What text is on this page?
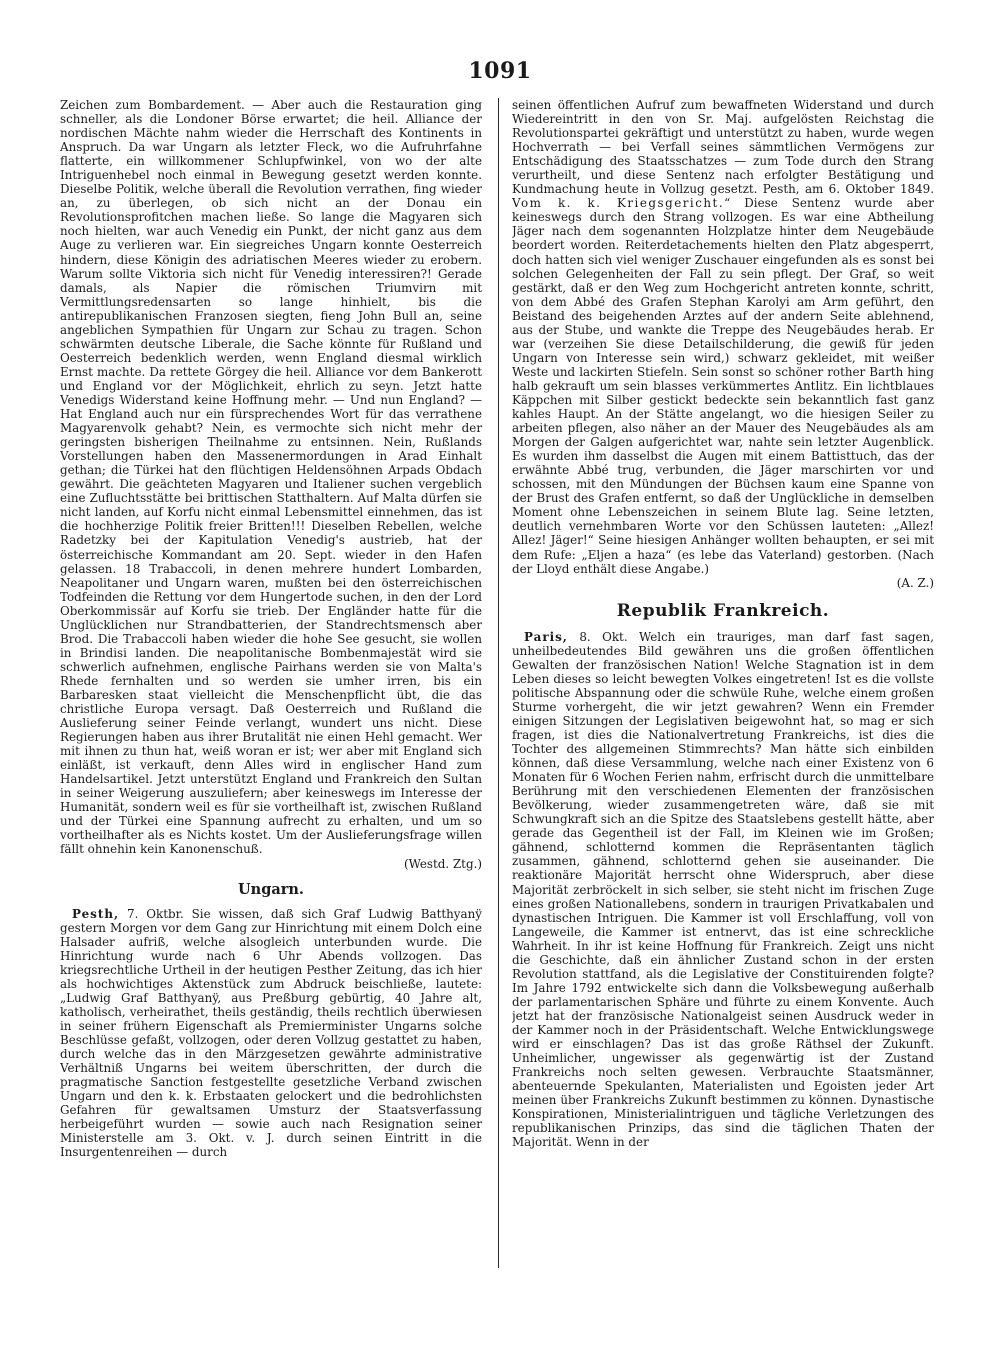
1091

Zeichen zum Bombardement. — Aber auch die Restauration ging schneller, als die Londoner Börse erwartet; die heil. Alliance der nordischen Mächte nahm wieder die Herrschaft des Kontinents in Anspruch. Da war Ungarn als letzter Fleck, wo die Aufruhrfahne flatterte, ein willkommener Schlupfwinkel, von wo der alte Intriguenhebel noch einmal in Bewegung gesetzt werden konnte. Dieselbe Politik, welche überall die Revolution verrathen, fing wieder an, zu überlegen, ob sich nicht an der Donau ein Revolutionsprofitchen machen ließe. So lange die Magyaren sich noch hielten, war auch Venedig ein Punkt, der nicht ganz aus dem Auge zu verlieren war. Ein siegreiches Ungarn konnte Oesterreich hindern, diese Königin des adriatischen Meeres wieder zu erobern. Warum sollte Viktoria sich nicht für Venedig interessiren?! Gerade damals, als Napier die römischen Triumvirn mit Vermittlungsredensarten so lange hinhielt, bis die antirepublikanischen Franzosen siegten, fieng John Bull an, seine angeblichen Sympathien für Ungarn zur Schau zu tragen. Schon schwärmten deutsche Liberale, die Sache könnte für Rußland und Oesterreich bedenklich werden, wenn England diesmal wirklich Ernst machte. Da rettete Görgey die heil. Alliance vor dem Bankerott und England vor der Möglichkeit, ehrlich zu seyn. Jetzt hatte Venedigs Widerstand keine Hoffnung mehr. — Und nun England? — Hat England auch nur ein fürsprechendes Wort für das verrathene Magyarenvolk gehabt? Nein, es vermochte sich nicht mehr der geringsten bisherigen Theilnahme zu entsinnen. Nein, Rußlands Vorstellungen haben den Massenermordungen in Arad Einhalt gethan; die Türkei hat den flüchtigen Heldensöhnen Arpads Obdach gewährt. Die geächteten Magyaren und Italiener suchen vergeblich eine Zufluchtsstätte bei brittischen Statthaltern. Auf Malta dürfen sie nicht landen, auf Korfu nicht einmal Lebensmittel einnehmen, das ist die hochherzige Politik freier Britten!!! Dieselben Rebellen, welche Radetzky bei der Kapitulation Venedig's austrieb, hat der österreichische Kommandant am 20. Sept. wieder in den Hafen gelassen. 18 Trabaccoli, in denen mehrere hundert Lombarden, Neapolitaner und Ungarn waren, mußten bei den österreichischen Todfeinden die Rettung vor dem Hungertode suchen, in den der Lord Oberkommissär auf Korfu sie trieb. Der Engländer hatte für die Unglücklichen nur Strandbatterien, der Standrechtsmensch aber Brod. Die Trabaccoli haben wieder die hohe See gesucht, sie wollen in Brindisi landen. Die neapolitanische Bombenmajestät wird sie schwerlich aufnehmen, englische Pairhans werden sie von Malta's Rhede fernhalten und so werden sie umher irren, bis ein Barbaresken staat vielleicht die Menschenpflicht übt, die das christliche Europa versagt. Daß Oesterreich und Rußland die Auslieferung seiner Feinde verlangt, wundert uns nicht. Diese Regierungen haben aus ihrer Brutalität nie einen Hehl gemacht. Wer mit ihnen zu thun hat, weiß woran er ist; wer aber mit England sich einläßt, ist verkauft, denn Alles wird in englischer Hand zum Handelsartikel. Jetzt unterstützt England und Frankreich den Sultan in seiner Weigerung auszuliefern; aber keineswegs im Interesse der Humanität, sondern weil es für sie vortheilhaft ist, zwischen Rußland und der Türkei eine Spannung aufrecht zu erhalten, und um so vortheilhafter als es Nichts kostet. Um der Auslieferungsfrage willen fällt ohnehin kein Kanonenschuß.
(Westd. Ztg.)

Ungarn.

Pesth, 7. Oktbr. Sie wissen, daß sich Graf Ludwig Batthyanÿ gestern Morgen vor dem Gang zur Hinrichtung mit einem Dolch eine Halsader aufriß, welche alsogleich unterbunden wurde. Die Hinrichtung wurde nach 6 Uhr Abends vollzogen. Das kriegsrechtliche Urtheil in der heutigen Pesther Zeitung, das ich hier als hochwichtiges Aktenstück zum Abdruck beischließe, lautete: „Ludwig Graf Batthyanÿ, aus Preßburg gebürtig, 40 Jahre alt, katholisch, verheirathet, theils geständig, theils rechtlich überwiesen in seiner frühern Eigenschaft als Premierminister Ungarns solche Beschlüsse gefaßt, vollzogen, oder deren Vollzug gestattet zu haben, durch welche das in den Märzgesetzen gewährte administrative Verhältniß Ungarns bei weitem überschritten, der durch die pragmatische Sanction festgestellte gesetzliche Verband zwischen Ungarn und den k. k. Erbstaaten gelockert und die bedrohlichsten Gefahren für gewaltsamen Umsturz der Staatsverfassung herbeigeführt wurden — sowie auch nach Resignation seiner Ministerstelle am 3. Okt. v. J. durch seinen Eintritt in die Insurgentenreihen — durch

seinen öffentlichen Aufruf zum bewaffneten Widerstand und durch Wiedereintritt in den von Sr. Maj. aufgelösten Reichstag die Revolutionspartei gekräftigt und unterstützt zu haben, wurde wegen Hochverrath — bei Verfall seines sämmtlichen Vermögens zur Entschädigung des Staatsschatzes — zum Tode durch den Strang verurtheilt, und diese Sentenz nach erfolgter Bestätigung und Kundmachung heute in Vollzug gesetzt. Pesth, am 6. Oktober 1849. Vom k. k. Kriegsgericht.“ Diese Sentenz wurde aber keineswegs durch den Strang vollzogen. Es war eine Abtheilung Jäger nach dem sogenannten Holzplatze hinter dem Neugebäude beordert worden. Reiterdetachements hielten den Platz abgesperrt, doch hatten sich viel weniger Zuschauer eingefunden als es sonst bei solchen Gelegenheiten der Fall zu sein pflegt. Der Graf, so weit gestärkt, daß er den Weg zum Hochgericht antreten konnte, schritt, von dem Abbé des Grafen Stephan Karolyi am Arm geführt, den Beistand des beigehenden Arztes auf der andern Seite ablehnend, aus der Stube, und wankte die Treppe des Neugebäudes herab. Er war (verzeihen Sie diese Detailschilderung, die gewiß für jeden Ungarn von Interesse sein wird,) schwarz gekleidet, mit weißer Weste und lackirten Stiefeln. Sein sonst so schöner rother Barth hing halb gekrauft um sein blasses verkümmertes Antlitz. Ein lichtblaues Käppchen mit Silber gestickt bedeckte sein bekanntlich fast ganz kahles Haupt. An der Stätte angelangt, wo die hiesigen Seiler zu arbeiten pflegen, also näher an der Mauer des Neugebäudes als am Morgen der Galgen aufgerichtet war, nahte sein letzter Augenblick. Es wurden ihm dasselbst die Augen mit einem Battisttuch, das der erwähnte Abbé trug, verbunden, die Jäger marschirten vor und schossen, mit den Mündungen der Büchsen kaum eine Spanne von der Brust des Grafen entfernt, so daß der Unglückliche in demselben Moment ohne Lebenszeichen in seinem Blute lag. Seine letzten, deutlich vernehmbaren Worte vor den Schüssen lauteten: „Allez! Allez! Jäger!“ Seine hiesigen Anhänger wollten behaupten, er sei mit dem Rufe: „Eljen a haza“ (es lebe das Vaterland) gestorben. (Nach der Lloyd enthält diese Angabe.)
(A. Z.)

Republik Frankreich.

Paris, 8. Okt. Welch ein trauriges, man darf fast sagen, unheilbedeutendes Bild gewähren uns die großen öffentlichen Gewalten der französischen Nation! Welche Stagnation ist in dem Leben dieses so leicht bewegten Volkes eingetreten! Ist es die vollste politische Abspannung oder die schwüle Ruhe, welche einem großen Sturme vorhergeht, die wir jetzt gewahren? Wenn ein Fremder einigen Sitzungen der Legislativen beigewohnt hat, so mag er sich fragen, ist dies die Nationalvertretung Frankreichs, ist dies die Tochter des allgemeinen Stimmrechts? Man hätte sich einbilden können, daß diese Versammlung, welche nach einer Existenz von 6 Monaten für 6 Wochen Ferien nahm, erfrischt durch die unmittelbare Berührung mit den verschiedenen Elementen der französischen Bevölkerung, wieder zusammengetreten wäre, daß sie mit Schwungkraft sich an die Spitze des Staatslebens gestellt hätte, aber gerade das Gegentheil ist der Fall, im Kleinen wie im Großen; gähnend, schlotternd kommen die Repräsentanten täglich zusammen, gähnend, schlotternd gehen sie auseinander. Die reaktionäre Majorität herrscht ohne Widerspruch, aber diese Majorität zerbröckelt in sich selber, sie steht nicht im frischen Zuge eines großen Nationallebens, sondern in traurigen Privatkabalen und dynastischen Intriguen. Die Kammer ist voll Erschlaffung, voll von Langeweile, die Kammer ist entnervt, das ist eine schreckliche Wahrheit. In ihr ist keine Hoffnung für Frankreich. Zeigt uns nicht die Geschichte, daß ein ähnlicher Zustand schon in der ersten Revolution stattfand, als die Legislative der Constituirenden folgte? Im Jahre 1792 entwickelte sich dann die Volksbewegung außerhalb der parlamentarischen Sphäre und führte zu einem Konvente. Auch jetzt hat der französische Nationalgeist seinen Ausdruck weder in der Kammer noch in der Präsidentschaft. Welche Entwicklungswege wird er einschlagen? Das ist das große Räthsel der Zukunft. Unheimlicher, ungewisser als gegenwärtig ist der Zustand Frankreichs noch selten gewesen. Verbrauchte Staatsmänner, abenteuernde Spekulanten, Materialisten und Egoisten jeder Art meinen über Frankreichs Zukunft bestimmen zu können. Dynastische Konspirationen, Ministerialintriguen und tägliche Verletzungen des republikanischen Prinzips, das sind die täglichen Thaten der Majorität. Wenn in der
